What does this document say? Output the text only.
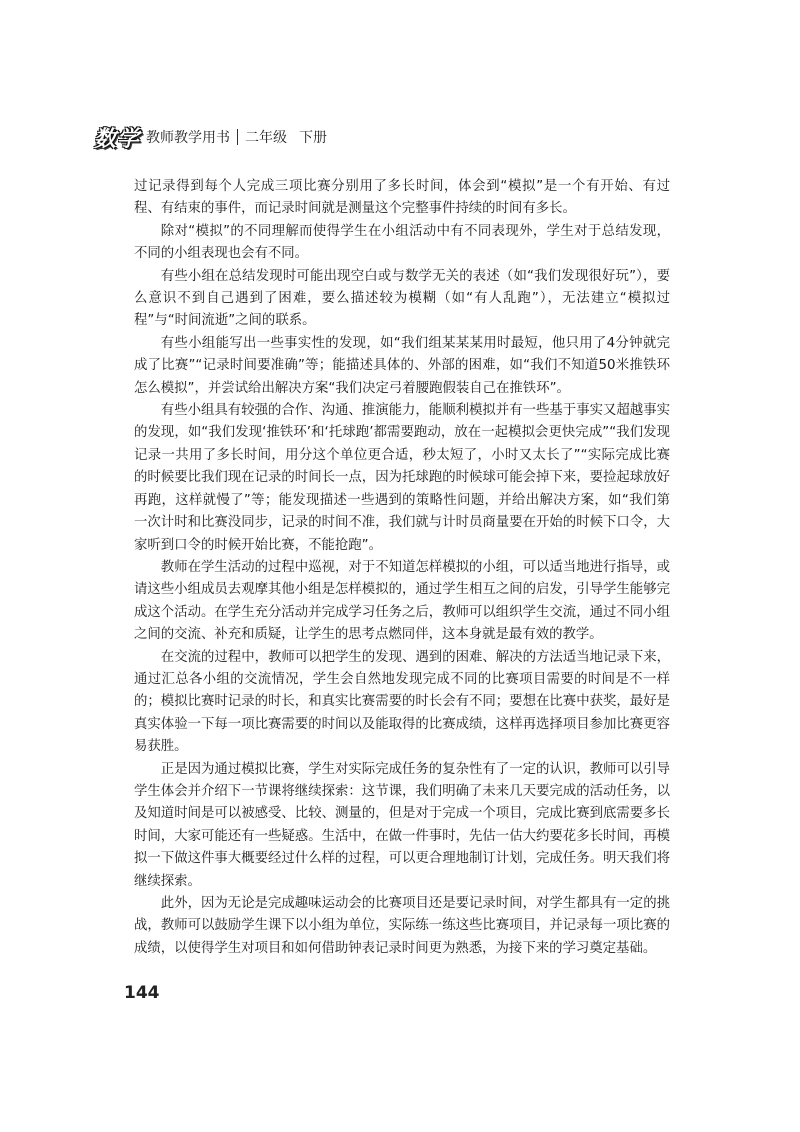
数学 教师教学用书 二年级 下册

过记录得到每个人完成三项比赛分别用了多长时间，体会到“模拟”是一个有开始、有过程、有结束的事件，而记录时间就是测量这个完整事件持续的时间有多长。

除对“模拟”的不同理解而使得学生在小组活动中有不同表现外，学生对于总结发现，不同的小组表现也会有不同。

有些小组在总结发现时可能出现空白或与数学无关的表述（如“我们发现很好玩”），要么意识不到自己遇到了困难，要么描述较为模糊（如“有人乱跑”），无法建立“模拟过程”与“时间流逝”之间的联系。

有些小组能写出一些事实性的发现，如“我们组某某某用时最短，他只用了4分钟就完成了比赛”“记录时间要准确”等；能描述具体的、外部的困难，如“我们不知道50米推铁环怎么模拟”，并尝试给出解决方案“我们决定弓着腰跑假装自己在推铁环”。

有些小组具有较强的合作、沟通、推演能力，能顺利模拟并有一些基于事实又超越事实的发现，如“我们发现‘推铁环’和‘托球跑’都需要跑动，放在一起模拟会更快完成”“我们发现记录一共用了多长时间，用分这个单位更合适，秒太短了，小时又太长了”“实际完成比赛的时候要比我们现在记录的时间长一点，因为托球跑的时候球可能会掉下来，要捡起球放好再跑，这样就慢了”等；能发现描述一些遇到的策略性问题，并给出解决方案，如“我们第一次计时和比赛没同步，记录的时间不准，我们就与计时员商量要在开始的时候下口令，大家听到口令的时候开始比赛，不能抢跑”。

教师在学生活动的过程中巡视，对于不知道怎样模拟的小组，可以适当地进行指导，或请这些小组成员去观摩其他小组是怎样模拟的，通过学生相互之间的启发，引导学生能够完成这个活动。在学生充分活动并完成学习任务之后，教师可以组织学生交流，通过不同小组之间的交流、补充和质疑，让学生的思考点燃同伴，这本身就是最有效的教学。

在交流的过程中，教师可以把学生的发现、遇到的困难、解决的方法适当地记录下来，通过汇总各小组的交流情况，学生会自然地发现完成不同的比赛项目需要的时间是不一样的；模拟比赛时记录的时长，和真实比赛需要的时长会有不同；要想在比赛中获奖，最好是真实体验一下每一项比赛需要的时间以及能取得的比赛成绩，这样再选择项目参加比赛更容易获胜。

正是因为通过模拟比赛，学生对实际完成任务的复杂性有了一定的认识，教师可以引导学生体会并介绍下一节课将继续探索：这节课，我们明确了未来几天要完成的活动任务，以及知道时间是可以被感受、比较、测量的，但是对于完成一个项目，完成比赛到底需要多长时间，大家可能还有一些疑惑。生活中，在做一件事时，先估一估大约要花多长时间，再模拟一下做这件事大概要经过什么样的过程，可以更合理地制订计划，完成任务。明天我们将继续探索。

此外，因为无论是完成趣味运动会的比赛项目还是要记录时间，对学生都具有一定的挑战，教师可以鼓励学生课下以小组为单位，实际练一练这些比赛项目，并记录每一项比赛的成绩，以使得学生对项目和如何借助钟表记录时间更为熟悉，为接下来的学习奠定基础。

144
